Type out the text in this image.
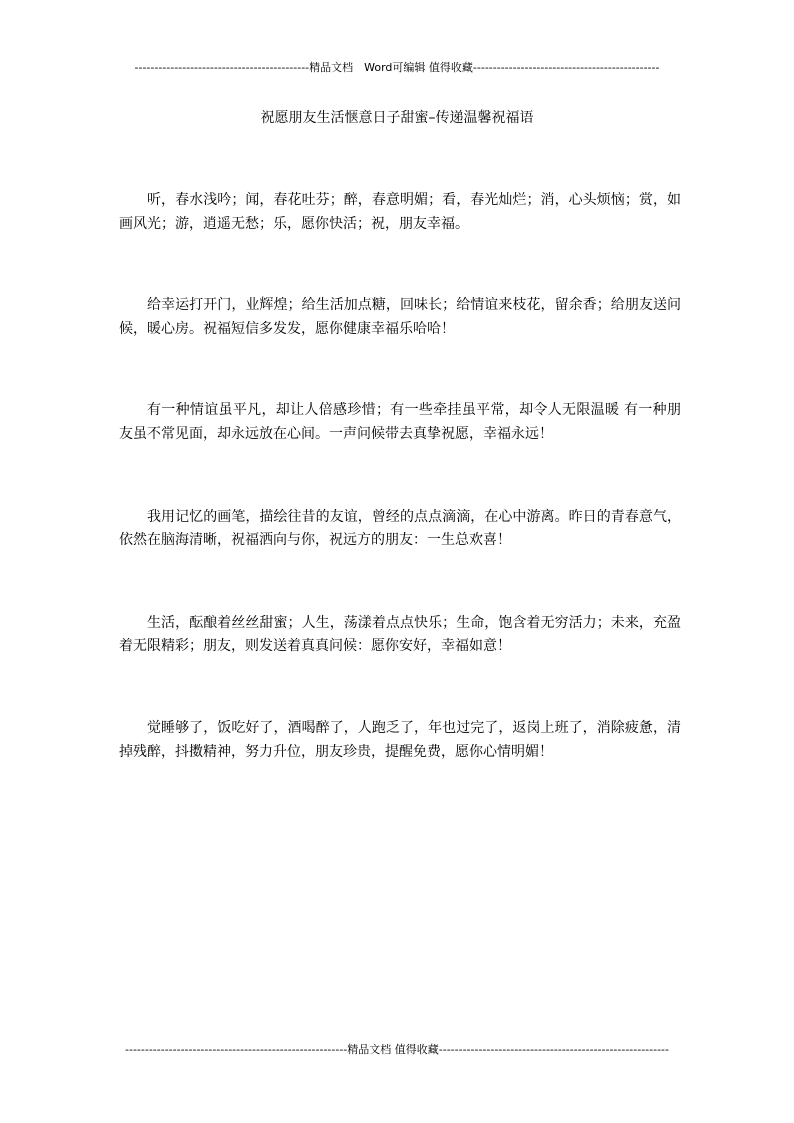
--------------------------------------------精品文档　Word可编辑 值得收藏-----------------------------------------------
祝愿朋友生活惬意日子甜蜜–传递温馨祝福语

听，春水浅吟；闻，春花吐芬；醉，春意明媚；看，春光灿烂；消，心头烦恼；赏，如画风光；游，逍遥无愁；乐，愿你快活；祝，朋友幸福。

给幸运打开门，业辉煌；给生活加点糖，回味长；给情谊来枝花，留余香；给朋友送问候，暖心房。祝福短信多发发，愿你健康幸福乐哈哈！

有一种情谊虽平凡，却让人倍感珍惜；有一些牵挂虽平常，却令人无限温暖 有一种朋友虽不常见面，却永远放在心间。一声问候带去真挚祝愿，幸福永远！

我用记忆的画笔，描绘往昔的友谊，曾经的点点滴滴，在心中游离。昨日的青春意气，依然在脑海清晰，祝福洒向与你，祝远方的朋友：一生总欢喜！

生活，酝酿着丝丝甜蜜；人生，荡漾着点点快乐；生命，饱含着无穷活力；未来，充盈着无限精彩；朋友，则发送着真真问候：愿你安好，幸福如意！

觉睡够了，饭吃好了，酒喝醉了，人跑乏了，年也过完了，返岗上班了，消除疲惫，清掉残醉，抖擞精神，努力升位，朋友珍贵，提醒免费，愿你心情明媚！

--------------------------------------------------------精品文档 值得收藏----------------------------------------------------------
